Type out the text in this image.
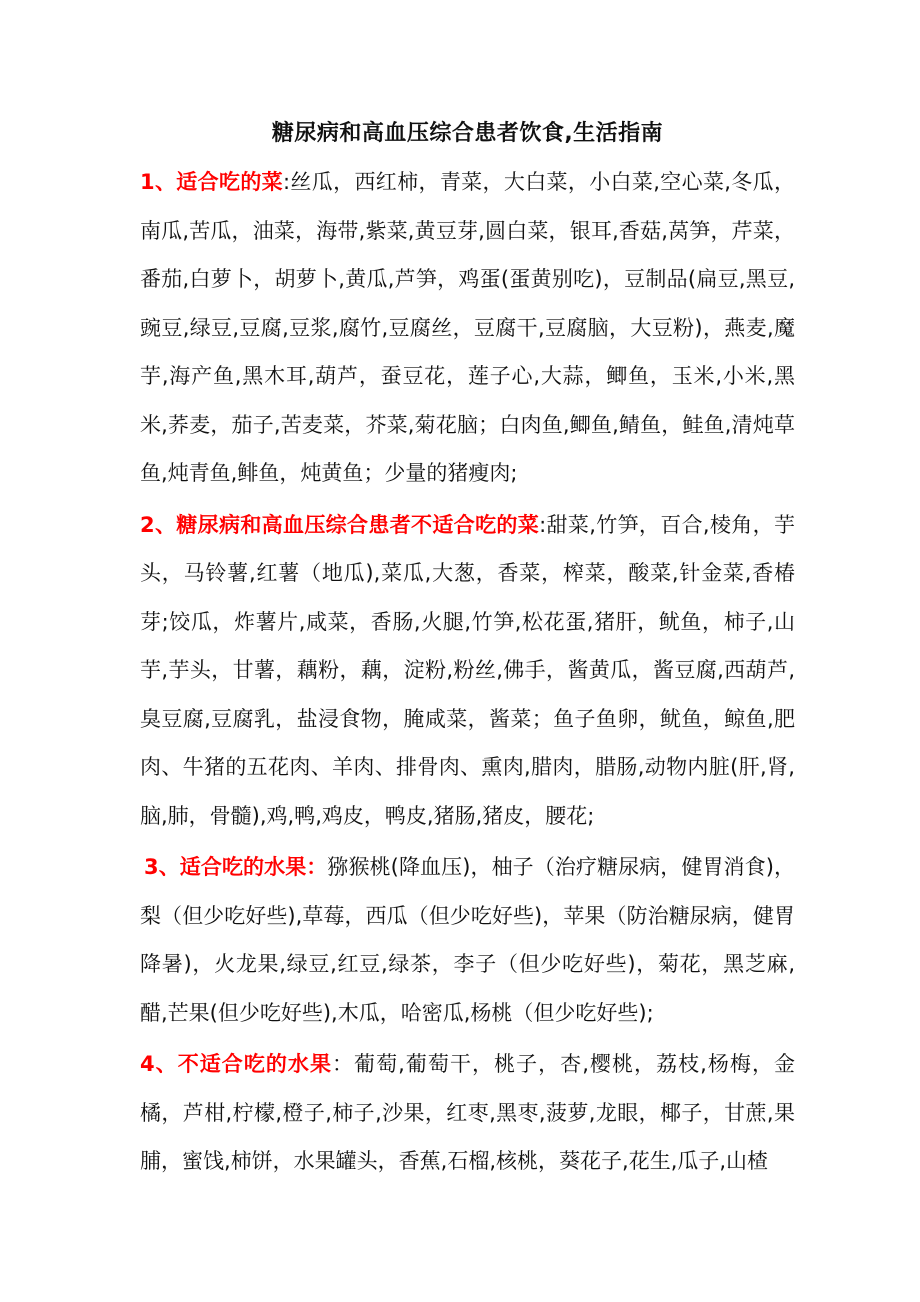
糖尿病和高血压综合患者饮食,生活指南

1、适合吃的菜:丝瓜，西红柿，青菜，大白菜，小白菜,空心菜,冬瓜，南瓜,苦瓜，油菜，海带,紫菜,黄豆芽,圆白菜，银耳,香菇,莴笋，芹菜，番茄,白萝卜，胡萝卜,黄瓜,芦笋，鸡蛋(蛋黄别吃)，豆制品(扁豆,黑豆,豌豆,绿豆,豆腐,豆浆,腐竹,豆腐丝，豆腐干,豆腐脑，大豆粉)，燕麦,魔芋,海产鱼,黑木耳,葫芦，蚕豆花，莲子心,大蒜，鲫鱼，玉米,小米,黑米,荞麦，茄子,苦麦菜，芥菜,菊花脑；白肉鱼,鲫鱼,鲭鱼，鲑鱼,清炖草鱼,炖青鱼,鲱鱼，炖黄鱼；少量的猪瘦肉;

2、糖尿病和高血压综合患者不适合吃的菜:甜菜,竹笋，百合,棱角，芋头，马铃薯,红薯（地瓜),菜瓜,大葱，香菜，榨菜，酸菜,针金菜,香椿芽;饺瓜，炸薯片,咸菜，香肠,火腿,竹笋,松花蛋,猪肝，鱿鱼，柿子,山芋,芋头，甘薯，藕粉，藕，淀粉,粉丝,佛手，酱黄瓜，酱豆腐,西葫芦,臭豆腐,豆腐乳，盐浸食物，腌咸菜，酱菜；鱼子鱼卵，鱿鱼，鲸鱼,肥肉、牛猪的五花肉、羊肉、排骨肉、熏肉,腊肉，腊肠,动物内脏(肝,肾,脑,肺，骨髓),鸡,鸭,鸡皮，鸭皮,猪肠,猪皮，腰花;

3、适合吃的水果：猕猴桃(降血压)，柚子（治疗糖尿病，健胃消食)，梨（但少吃好些),草莓，西瓜（但少吃好些)，苹果（防治糖尿病，健胃降暑)，火龙果,绿豆,红豆,绿茶，李子（但少吃好些)，菊花，黑芝麻,醋,芒果(但少吃好些),木瓜，哈密瓜,杨桃（但少吃好些);

4、不适合吃的水果：葡萄,葡萄干，桃子，杏,樱桃，荔枝,杨梅，金橘，芦柑,柠檬,橙子,柿子,沙果，红枣,黑枣,菠萝,龙眼，椰子，甘蔗,果脯，蜜饯,柿饼，水果罐头，香蕉,石榴,核桃，葵花子,花生,瓜子,山楂
